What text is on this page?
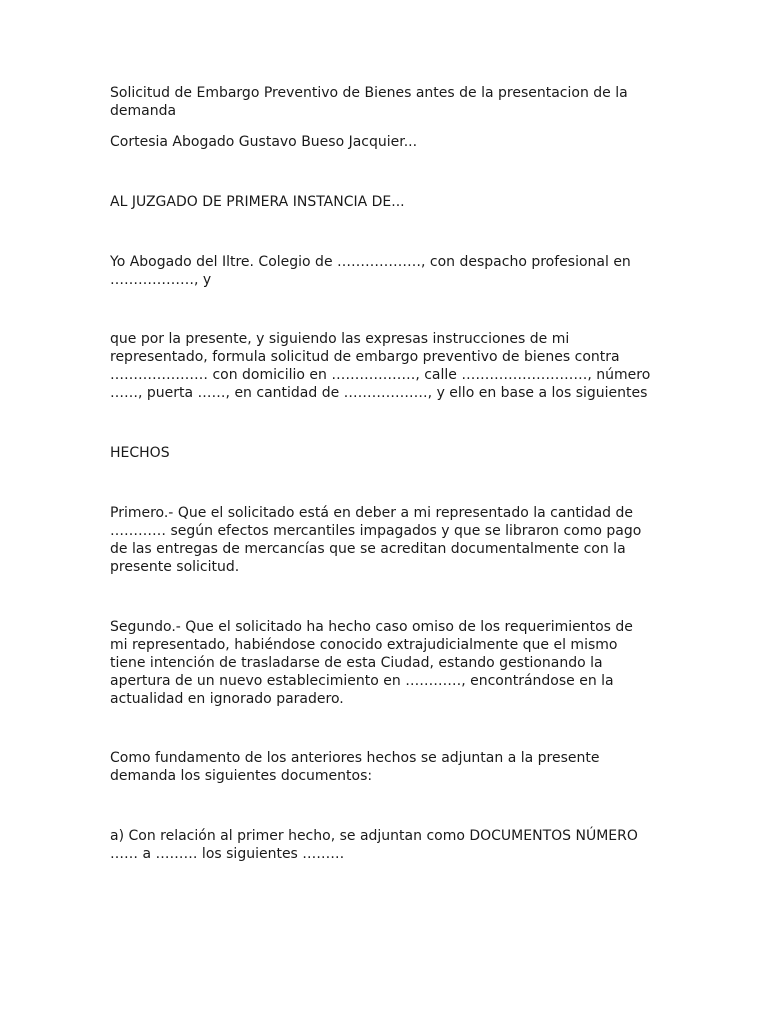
Solicitud de Embargo Preventivo de Bienes antes de la presentacion de la
demanda

Cortesia Abogado Gustavo Bueso Jacquier...

AL JUZGADO DE PRIMERA INSTANCIA DE...

Yo Abogado del Iltre. Colegio de ………………, con despacho profesional en
………………, y

que por la presente, y siguiendo las expresas instrucciones de mi
representado, formula solicitud de embargo preventivo de bienes contra
………………… con domicilio en ………………, calle ………………………, número
……, puerta ……, en cantidad de ………………, y ello en base a los siguientes

HECHOS

Primero.- Que el solicitado está en deber a mi representado la cantidad de
………… según efectos mercantiles impagados y que se libraron como pago
de las entregas de mercancías que se acreditan documentalmente con la
presente solicitud.

Segundo.- Que el solicitado ha hecho caso omiso de los requerimientos de
mi representado, habiéndose conocido extrajudicialmente que el mismo
tiene intención de trasladarse de esta Ciudad, estando gestionando la
apertura de un nuevo establecimiento en …………, encontrándose en la
actualidad en ignorado paradero.

Como fundamento de los anteriores hechos se adjuntan a la presente
demanda los siguientes documentos:

a) Con relación al primer hecho, se adjuntan como DOCUMENTOS NÚMERO
…… a ……… los siguientes ………
